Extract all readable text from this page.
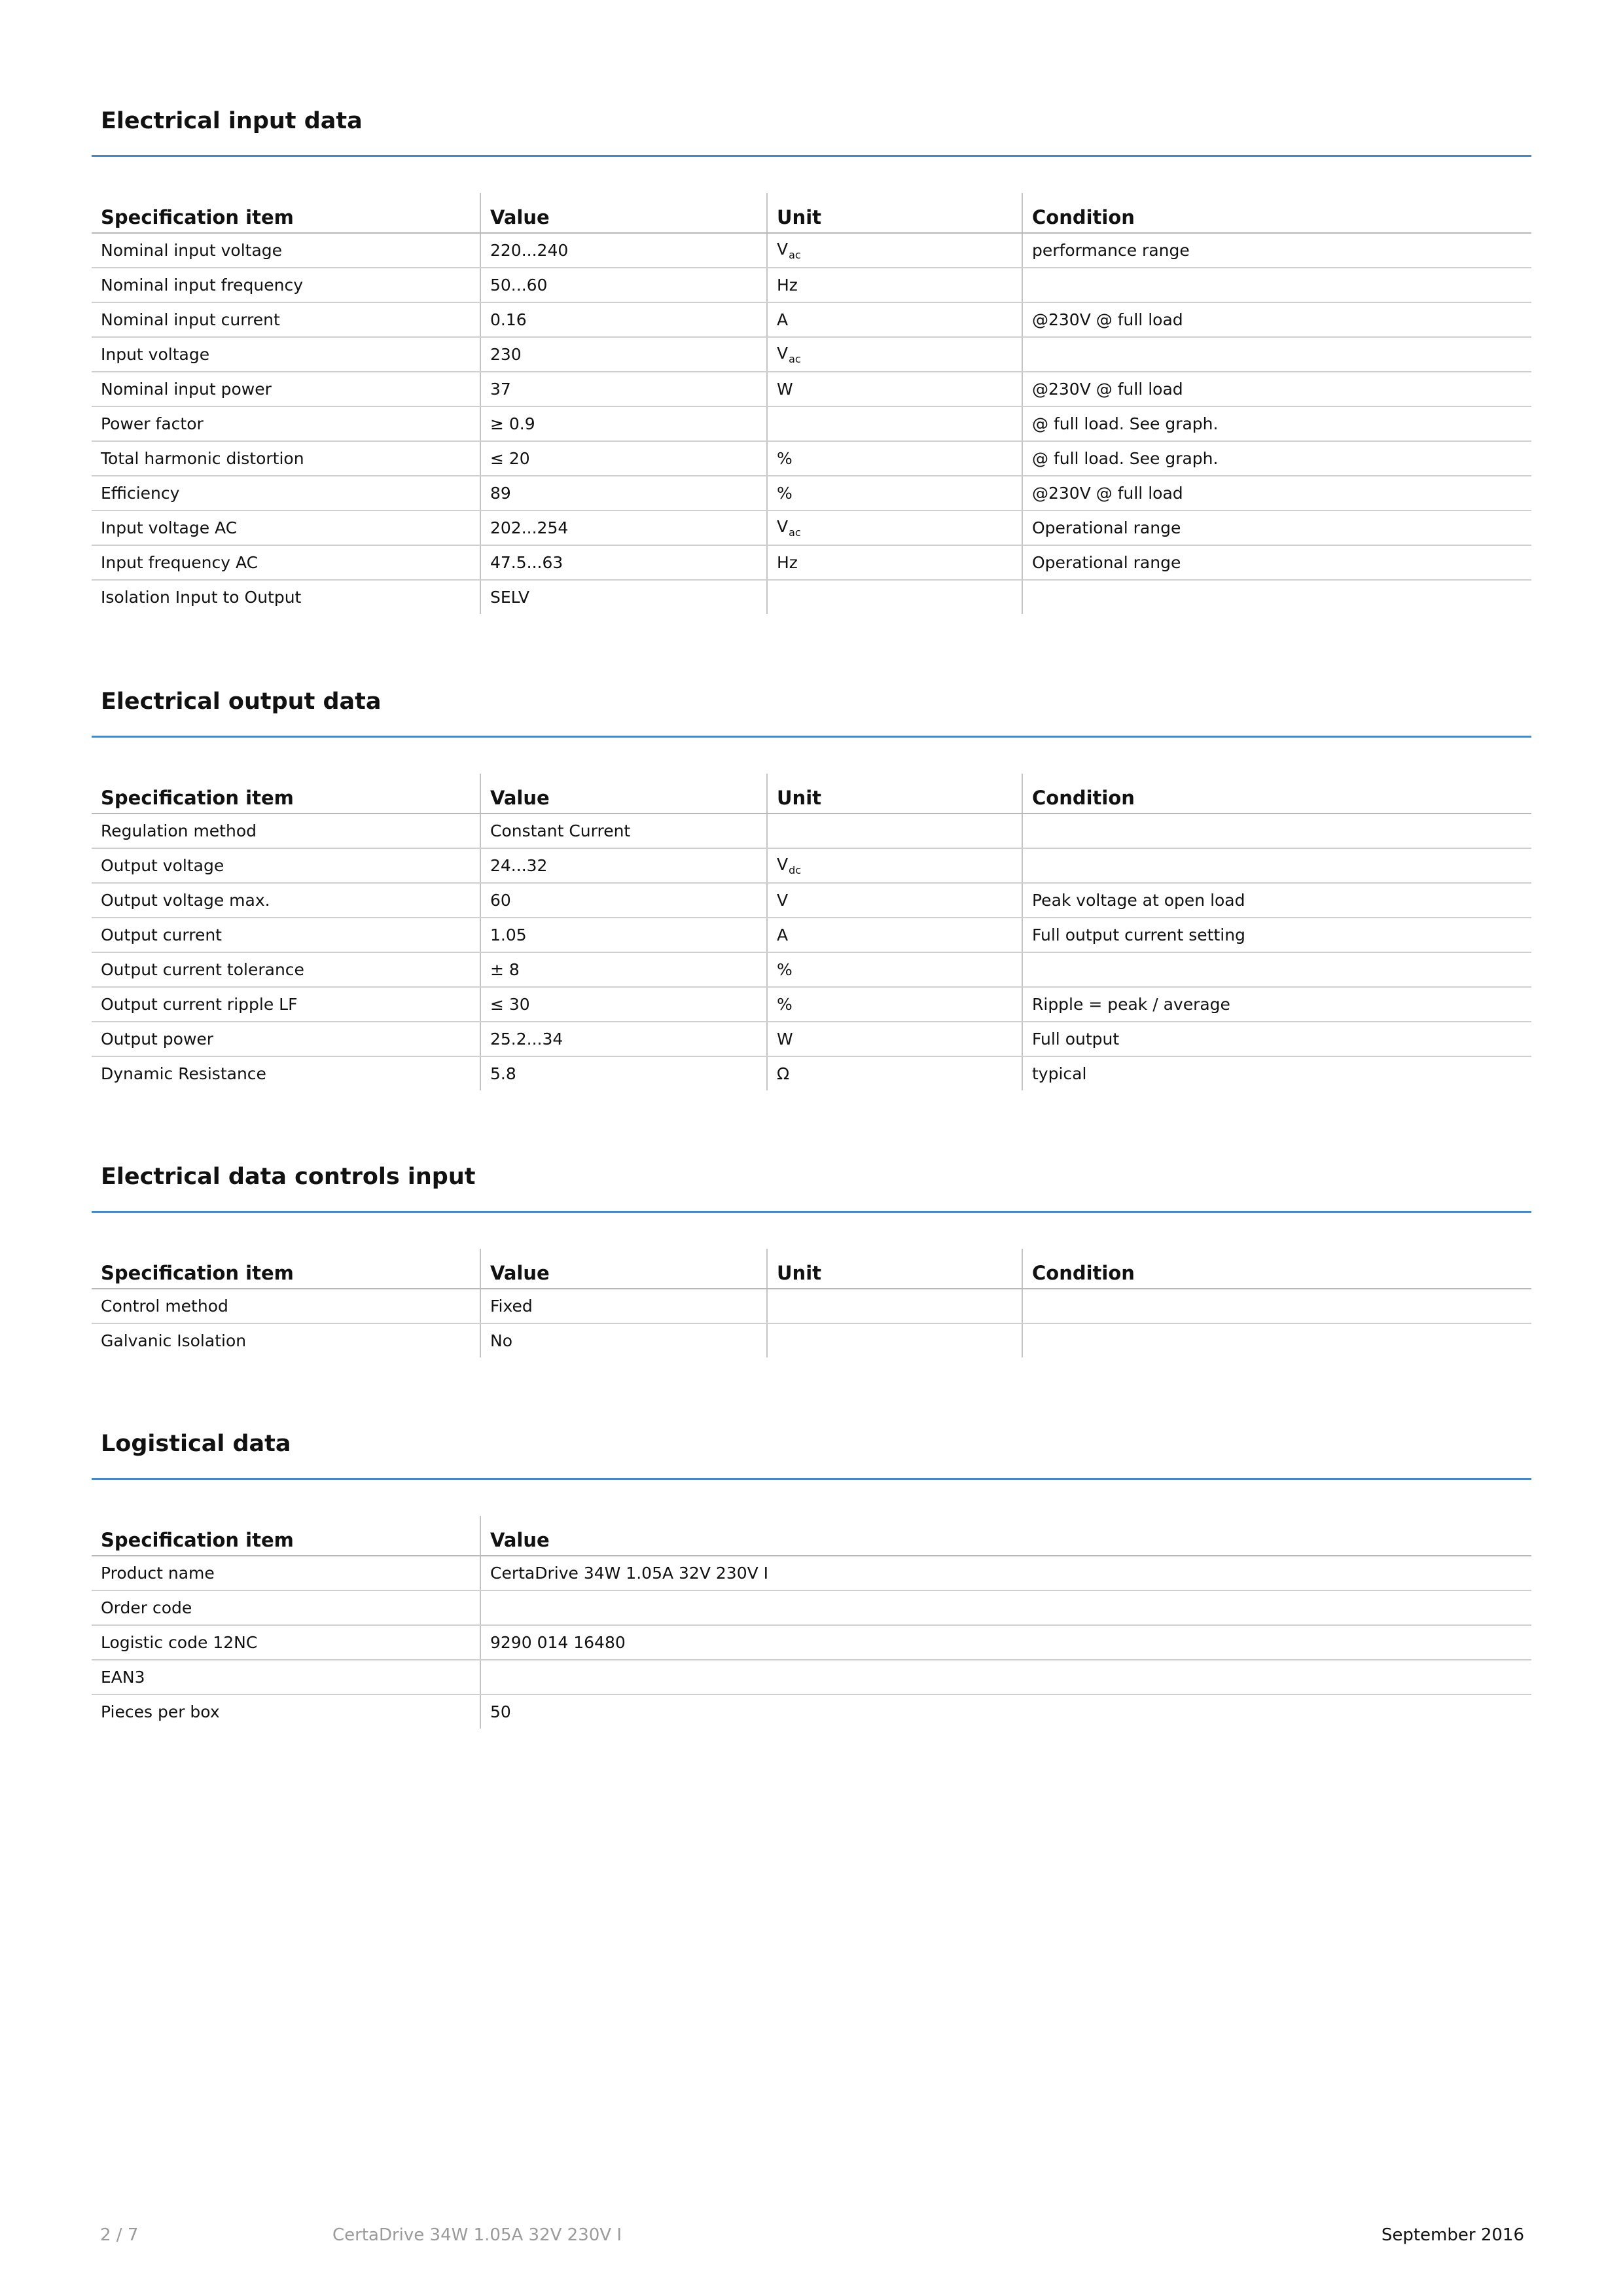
Electrical input data
Specification item	Value	Unit	Condition
Nominal input voltage	220...240	$V_{ac}$	performance range
Nominal input frequency	50...60	Hz	
Nominal input current	0.16	A	@230V @ full load
Input voltage	230	$V_{ac}$	
Nominal input power	37	W	@230V @ full load
Power factor	≥ 0.9		@ full load. See graph.
Total harmonic distortion	≤ 20	%	@ full load. See graph.
Efficiency	89	%	@230V @ full load
Input voltage AC	202...254	$V_{ac}$	Operational range
Input frequency AC	47.5...63	Hz	Operational range
Isolation Input to Output	SELV		
Electrical output data
Specification item	Value	Unit	Condition
Regulation method	Constant Current		
Output voltage	24...32	$V_{dc}$	
Output voltage max.	60	V	Peak voltage at open load
Output current	1.05	A	Full output current setting
Output current tolerance	± 8	%	
Output current ripple LF	≤ 30	%	Ripple = peak / average
Output power	25.2...34	W	Full output
Dynamic Resistance	5.8	Ω	typical
Electrical data controls input
Specification item	Value	Unit	Condition
Control method	Fixed		
Galvanic Isolation	No		
Logistical data
Specification item	Value
Product name	CertaDrive 34W 1.05A 32V 230V I
Order code	
Logistic code 12NC	9290 014 16480
EAN3	
Pieces per box	50
2 / 7	CertaDrive 34W 1.05A 32V 230V I	September 2016
